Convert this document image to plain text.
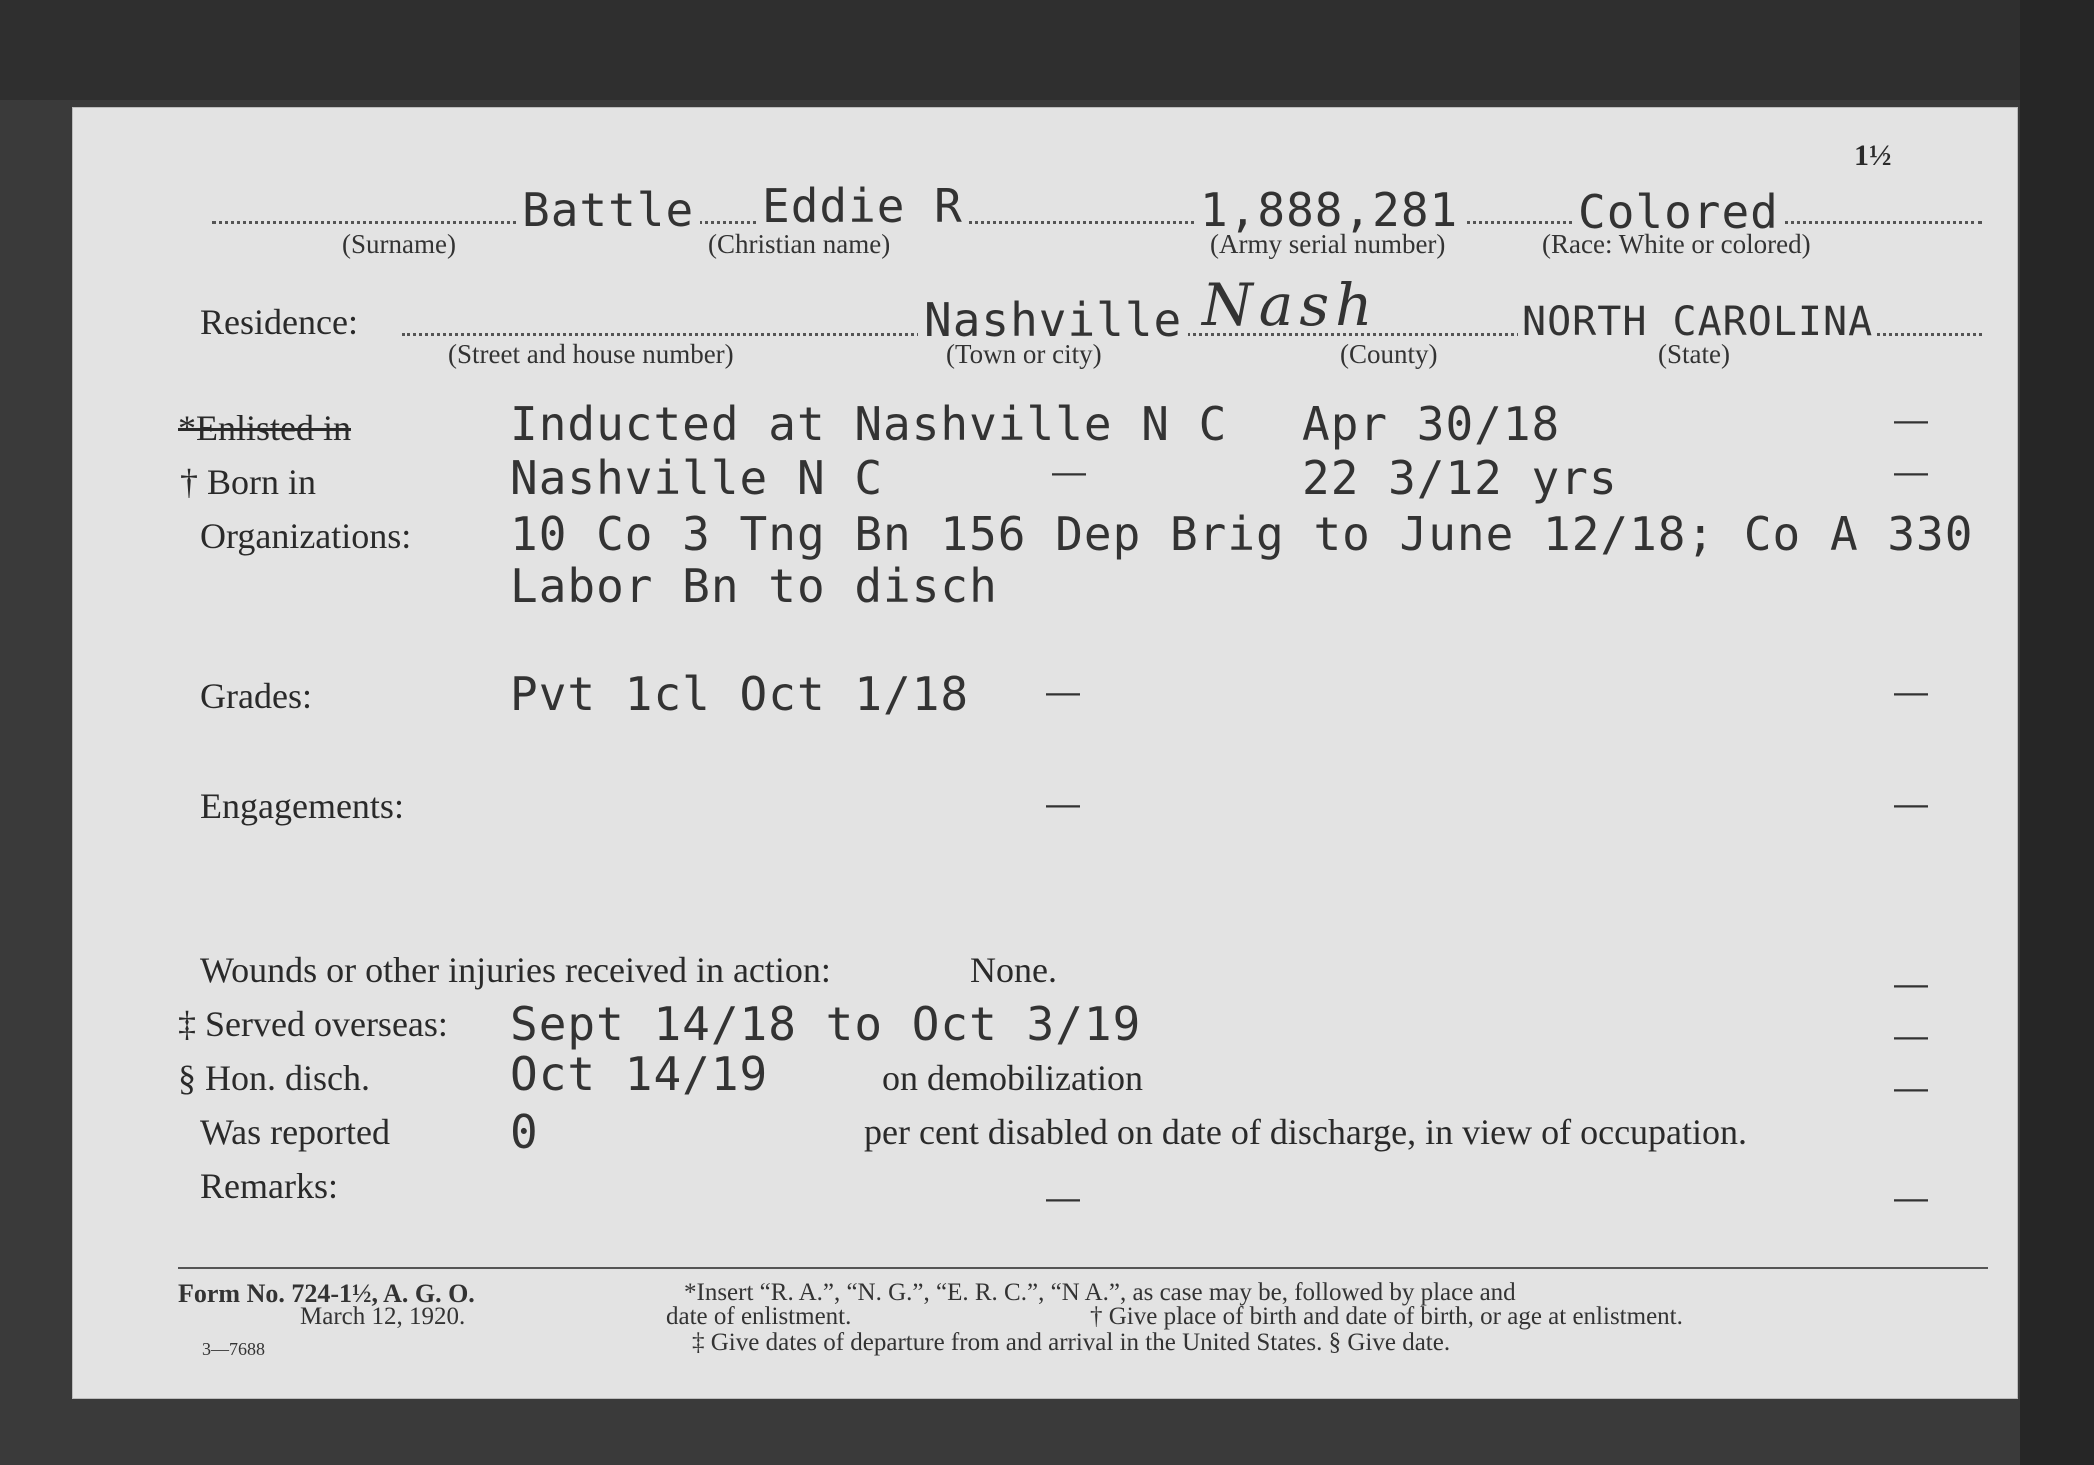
1½
Battle Eddie R	1,888,281	Colored
(Surname)	(Christian name)	(Army serial number)	(Race: White or colored)
Residence:	Nashville Nash	NORTH CAROLINA
(Street and house number)	(Town or city)	(County)	(State)
*Enlisted in	Inducted at Nashville N C Apr 30/18	—
† Born in	Nashville N C	—	22 3/12 yrs	—
Organizations: 10 Co 3 Tng Bn 156 Dep Brig to June 12/18; Co A 330
Labor Bn to disch
Grades:	Pvt 1cl Oct 1/18 —	—
Engagements:	—	—
Wounds or other injuries received in action:	None.	—
‡ Served overseas: Sept 14/18 to Oct 3/19	—
§ Hon. disch.	Oct 14/19	on demobilization	—
Was reported	0	per cent disabled on date of discharge, in view of occupation.
Remarks:	—	—
Form No. 724-1½, A. G. O.
March 12, 1920.
3—7688
*Insert “R. A.”, “N. G.”, “E. R. C.”, “N A.”, as case may be, followed by place and
date of enlistment.	† Give place of birth and date of birth, or age at enlistment.
‡ Give dates of departure from and arrival in the United States. § Give date.
